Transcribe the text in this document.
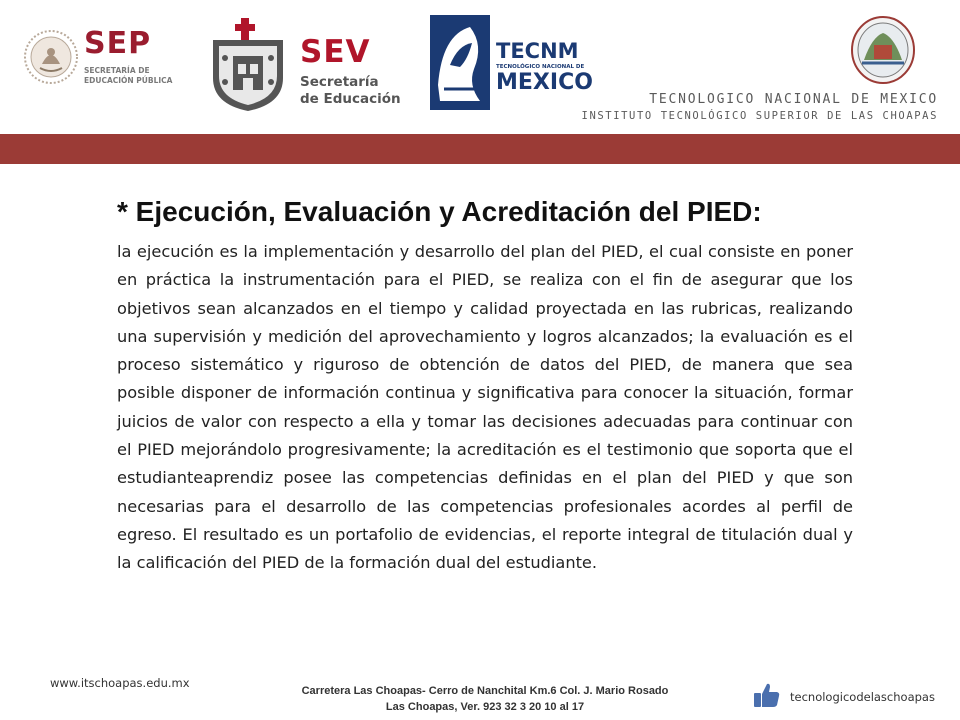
SEP
SECRETARÍA DE
EDUCACIÓN PÚBLICA
SEV
Secretaría
de Educación
TECNM
TECNOLÓGICO NACIONAL DE
MEXICO
TECNOLOGICO NACIONAL DE MEXICO
INSTITUTO TECNOLÓGICO SUPERIOR DE LAS CHOAPAS
* Ejecución, Evaluación y Acreditación del PIED:
la ejecución es la implementación y desarrollo del plan del PIED, el cual consiste en poner en práctica la instrumentación para el PIED, se realiza con el fin de asegurar que los objetivos sean alcanzados en el tiempo y calidad proyectada en las rubricas, realizando una supervisión y medición del aprovechamiento y logros alcanzados; la evaluación es el proceso sistemático y riguroso de obtención de datos del PIED, de manera que sea posible disponer de información continua y significativa para conocer la situación, formar juicios de valor con respecto a ella y tomar las decisiones adecuadas para continuar con el PIED mejorándolo progresivamente; la acreditación es el testimonio que soporta que el estudianteaprendiz posee las competencias definidas en el plan del PIED y que son necesarias para el desarrollo de las competencias profesionales acordes al perfil de egreso. El resultado es un portafolio de evidencias, el reporte integral de titulación dual y la calificación del PIED de la formación dual del estudiante.
www.itschoapas.edu.mx
Carretera Las Choapas- Cerro de Nanchital Km.6 Col. J. Mario Rosado
Las Choapas, Ver. 923 32 3 20 10 al 17
tecnologicodelaschoapas
